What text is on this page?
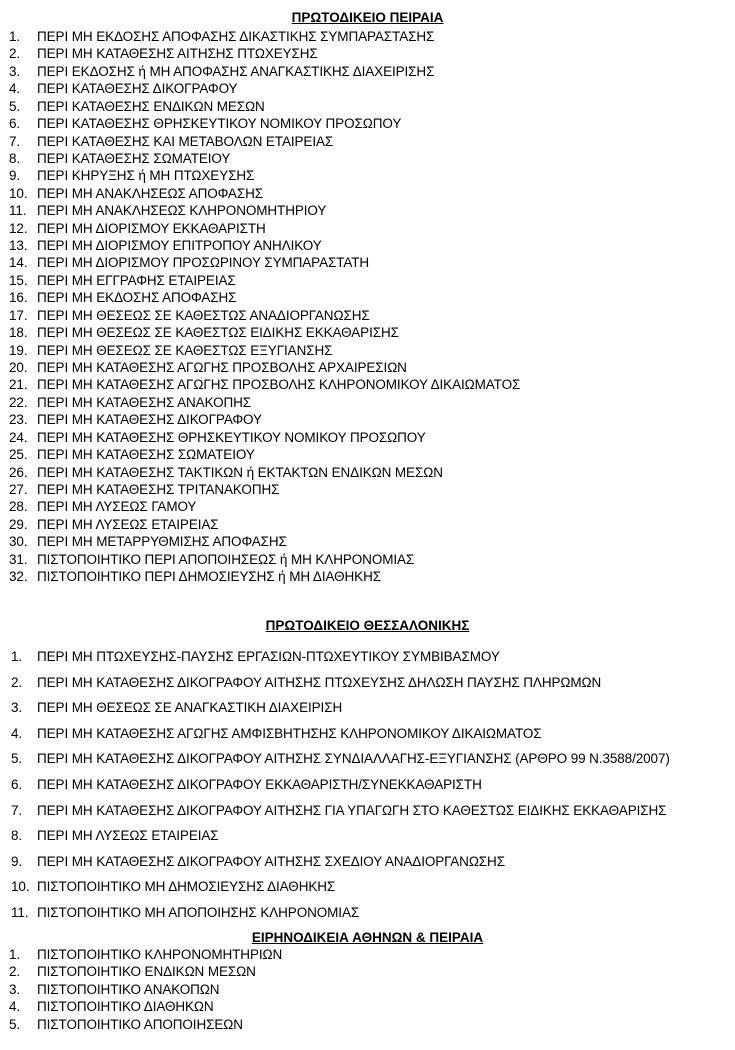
ΠΡΩΤΟΔΙΚΕΙΟ ΠΕΙΡΑΙΑ
1. ΠΕΡΙ ΜΗ ΕΚΔΟΣΗΣ ΑΠΟΦΑΣΗΣ ΔΙΚΑΣΤΙΚΗΣ ΣΥΜΠΑΡΑΣΤΑΣΗΣ
2. ΠΕΡΙ ΜΗ ΚΑΤΑΘΕΣΗΣ ΑΙΤΗΣΗΣ ΠΤΩΧΕΥΣΗΣ
3. ΠΕΡΙ ΕΚΔΟΣΗΣ ή ΜΗ ΑΠΟΦΑΣΗΣ ΑΝΑΓΚΑΣΤΙΚΗΣ ΔΙΑΧΕΙΡΙΣΗΣ
4. ΠΕΡΙ ΚΑΤΑΘΕΣΗΣ ΔΙΚΟΓΡΑΦΟΥ
5. ΠΕΡΙ ΚΑΤΑΘΕΣΗΣ ΕΝΔΙΚΩΝ ΜΕΣΩΝ
6. ΠΕΡΙ ΚΑΤΑΘΕΣΗΣ ΘΡΗΣΚΕΥΤΙΚΟΥ ΝΟΜΙΚΟΥ ΠΡΟΣΩΠΟΥ
7. ΠΕΡΙ ΚΑΤΑΘΕΣΗΣ ΚΑΙ ΜΕΤΑΒΟΛΩΝ ΕΤΑΙΡΕΙΑΣ
8. ΠΕΡΙ ΚΑΤΑΘΕΣΗΣ ΣΩΜΑΤΕΙΟΥ
9. ΠΕΡΙ ΚΗΡΥΞΗΣ ή ΜΗ ΠΤΩΧΕΥΣΗΣ
10. ΠΕΡΙ ΜΗ ΑΝΑΚΛΗΣΕΩΣ ΑΠΟΦΑΣΗΣ
11. ΠΕΡΙ ΜΗ ΑΝΑΚΛΗΣΕΩΣ ΚΛΗΡΟΝΟΜΗΤΗΡΙΟΥ
12. ΠΕΡΙ ΜΗ ΔΙΟΡΙΣΜΟΥ ΕΚΚΑΘΑΡΙΣΤΗ
13. ΠΕΡΙ ΜΗ ΔΙΟΡΙΣΜΟΥ ΕΠΙΤΡΟΠΟΥ ΑΝΗΛΙΚΟΥ
14. ΠΕΡΙ ΜΗ ΔΙΟΡΙΣΜΟΥ ΠΡΟΣΩΡΙΝΟΥ ΣΥΜΠΑΡΑΣΤΑΤΗ
15. ΠΕΡΙ ΜΗ ΕΓΓΡΑΦΗΣ ΕΤΑΙΡΕΙΑΣ
16. ΠΕΡΙ ΜΗ ΕΚΔΟΣΗΣ ΑΠΟΦΑΣΗΣ
17. ΠΕΡΙ ΜΗ ΘΕΣΕΩΣ ΣΕ ΚΑΘΕΣΤΩΣ ΑΝΑΔΙΟΡΓΑΝΩΣΗΣ
18. ΠΕΡΙ ΜΗ ΘΕΣΕΩΣ ΣΕ ΚΑΘΕΣΤΩΣ ΕΙΔΙΚΗΣ ΕΚΚΑΘΑΡΙΣΗΣ
19. ΠΕΡΙ ΜΗ ΘΕΣΕΩΣ ΣΕ ΚΑΘΕΣΤΩΣ ΕΞΥΓΙΑΝΣΗΣ
20. ΠΕΡΙ ΜΗ ΚΑΤΑΘΕΣΗΣ ΑΓΩΓΗΣ ΠΡΟΣΒΟΛΗΣ ΑΡΧΑΙΡΕΣΙΩΝ
21. ΠΕΡΙ ΜΗ ΚΑΤΑΘΕΣΗΣ ΑΓΩΓΗΣ ΠΡΟΣΒΟΛΗΣ ΚΛΗΡΟΝΟΜΙΚΟΥ ΔΙΚΑΙΩΜΑΤΟΣ
22. ΠΕΡΙ ΜΗ ΚΑΤΑΘΕΣΗΣ ΑΝΑΚΟΠΗΣ
23. ΠΕΡΙ ΜΗ ΚΑΤΑΘΕΣΗΣ ΔΙΚΟΓΡΑΦΟΥ
24. ΠΕΡΙ ΜΗ ΚΑΤΑΘΕΣΗΣ ΘΡΗΣΚΕΥΤΙΚΟΥ ΝΟΜΙΚΟΥ ΠΡΟΣΩΠΟΥ
25. ΠΕΡΙ ΜΗ ΚΑΤΑΘΕΣΗΣ ΣΩΜΑΤΕΙΟΥ
26. ΠΕΡΙ ΜΗ ΚΑΤΑΘΕΣΗΣ ΤΑΚΤΙΚΩΝ ή ΕΚΤΑΚΤΩΝ ΕΝΔΙΚΩΝ ΜΕΣΩΝ
27. ΠΕΡΙ ΜΗ ΚΑΤΑΘΕΣΗΣ ΤΡΙΤΑΝΑΚΟΠΗΣ
28. ΠΕΡΙ ΜΗ ΛΥΣΕΩΣ ΓΑΜΟΥ
29. ΠΕΡΙ ΜΗ ΛΥΣΕΩΣ ΕΤΑΙΡΕΙΑΣ
30. ΠΕΡΙ ΜΗ ΜΕΤΑΡΡΥΘΜΙΣΗΣ ΑΠΟΦΑΣΗΣ
31. ΠΙΣΤΟΠΟΙΗΤΙΚΟ ΠΕΡΙ ΑΠΟΠΟΙΗΣΕΩΣ ή ΜΗ ΚΛΗΡΟΝΟΜΙΑΣ
32. ΠΙΣΤΟΠΟΙΗΤΙΚΟ ΠΕΡΙ ΔΗΜΟΣΙΕΥΣΗΣ ή ΜΗ ΔΙΑΘΗΚΗΣ
ΠΡΩΤΟΔΙΚΕΙΟ ΘΕΣΣΑΛΟΝΙΚΗΣ
1. ΠΕΡΙ ΜΗ ΠΤΩΧΕΥΣΗΣ-ΠΑΥΣΗΣ ΕΡΓΑΣΙΩΝ-ΠΤΩΧΕΥΤΙΚΟΥ ΣΥΜΒΙΒΑΣΜΟΥ
2. ΠΕΡΙ ΜΗ ΚΑΤΑΘΕΣΗΣ ΔΙΚΟΓΡΑΦΟΥ ΑΙΤΗΣΗΣ ΠΤΩΧΕΥΣΗΣ ΔΗΛΩΣΗ ΠΑΥΣΗΣ ΠΛΗΡΩΜΩΝ
3. ΠΕΡΙ ΜΗ ΘΕΣΕΩΣ ΣΕ ΑΝΑΓΚΑΣΤΙΚΗ ΔΙΑΧΕΙΡΙΣΗ
4. ΠΕΡΙ ΜΗ ΚΑΤΑΘΕΣΗΣ ΑΓΩΓΗΣ ΑΜΦΙΣΒΗΤΗΣΗΣ ΚΛΗΡΟΝΟΜΙΚΟΥ ΔΙΚΑΙΩΜΑΤΟΣ
5. ΠΕΡΙ ΜΗ ΚΑΤΑΘΕΣΗΣ ΔΙΚΟΓΡΑΦΟΥ ΑΙΤΗΣΗΣ ΣΥΝΔΙΑΛΛΑΓΗΣ-ΕΞΥΓΙΑΝΣΗΣ (ΑΡΘΡΟ 99 Ν.3588/2007)
6. ΠΕΡΙ ΜΗ ΚΑΤΑΘΕΣΗΣ ΔΙΚΟΓΡΑΦΟΥ ΕΚΚΑΘΑΡΙΣΤΗ/ΣΥΝΕΚΚΑΘΑΡΙΣΤΗ
7. ΠΕΡΙ ΜΗ ΚΑΤΑΘΕΣΗΣ ΔΙΚΟΓΡΑΦΟΥ ΑΙΤΗΣΗΣ ΓΙΑ ΥΠΑΓΩΓΗ ΣΤΟ ΚΑΘΕΣΤΩΣ ΕΙΔΙΚΗΣ ΕΚΚΑΘΑΡΙΣΗΣ
8. ΠΕΡΙ ΜΗ ΛΥΣΕΩΣ ΕΤΑΙΡΕΙΑΣ
9. ΠΕΡΙ ΜΗ ΚΑΤΑΘΕΣΗΣ ΔΙΚΟΓΡΑΦΟΥ ΑΙΤΗΣΗΣ ΣΧΕΔΙΟΥ ΑΝΑΔΙΟΡΓΑΝΩΣΗΣ
10. ΠΙΣΤΟΠΟΙΗΤΙΚΟ ΜΗ ΔΗΜΟΣΙΕΥΣΗΣ ΔΙΑΘΗΚΗΣ
11. ΠΙΣΤΟΠΟΙΗΤΙΚΟ ΜΗ ΑΠΟΠΟΙΗΣΗΣ ΚΛΗΡΟΝΟΜΙΑΣ
ΕΙΡΗΝΟΔΙΚΕΙΑ ΑΘΗΝΩΝ & ΠΕΙΡΑΙΑ
1. ΠΙΣΤΟΠΟΙΗΤΙΚΟ ΚΛΗΡΟΝΟΜΗΤΗΡΙΩΝ
2. ΠΙΣΤΟΠΟΙΗΤΙΚΟ ΕΝΔΙΚΩΝ ΜΕΣΩΝ
3. ΠΙΣΤΟΠΟΙΗΤΙΚΟ ΑΝΑΚΟΠΩΝ
4. ΠΙΣΤΟΠΟΙΗΤΙΚΟ ΔΙΑΘΗΚΩΝ
5. ΠΙΣΤΟΠΟΙΗΤΙΚΟ ΑΠΟΠΟΙΗΣΕΩΝ
